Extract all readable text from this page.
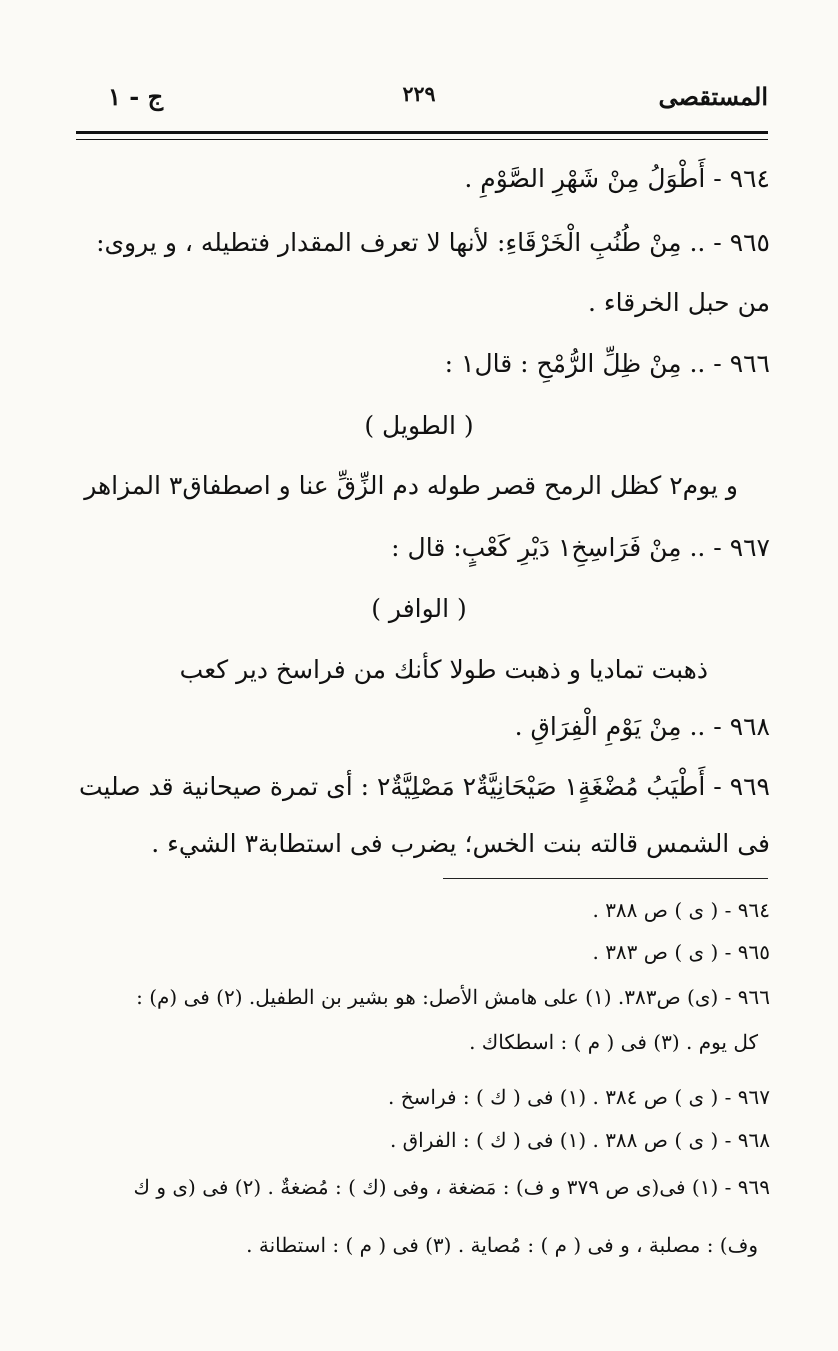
المستقصى
٢٢٩
ج - ١
٩٦٤ - أَطْوَلُ مِنْ شَهْرِ الصَّوْمِ .
٩٦٥ - .. مِنْ طُنُبِ الْخَرْقَاءِ: لأنها لا تعرف المقدار فتطيله ، و يروى:
من حبل الخرقاء .
٩٦٦ - .. مِنْ ظِلِّ الرُّمْحِ : قال١ :
( الطويل )
و يوم٢ كظل الرمح قصر طوله دم الزِّقِّ عنا و اصطفاق٣ المزاهر
٩٦٧ - .. مِنْ فَرَاسِخِ١ دَيْرِ كَعْبٍ: قال :
( الوافر )
ذهبت تماديا و ذهبت طولا كأنك من فراسخ دير كعب
٩٦٨ - .. مِنْ يَوْمِ الْفِرَاقِ .
٩٦٩ - أَطْيَبُ مُضْغَةٍ١ صَيْحَانِيَّةٌ٢ مَصْلِيَّةٌ٢ : أى تمرة صيحانية قد صليت
فى الشمس قالته بنت الخس؛ يضرب فى استطابة٣ الشيء .
٩٦٤ - ( ى ) ص ٣٨٨ .
٩٦٥ - ( ى ) ص ٣٨٣ .
٩٦٦ - (ى) ص٣٨٣. (١) على هامش الأصل: هو بشير بن الطفيل. (٢) فى (م) :
كل يوم . (٣) فى ( م ) : اسطكاك .
٩٦٧ - ( ى ) ص ٣٨٤ . (١) فى ( ك ) : فراسخ .
٩٦٨ - ( ى ) ص ٣٨٨ . (١) فى ( ك ) : الفراق .
٩٦٩ - (١) فى(ى ص ٣٧٩ و ف) : مَضغة ، وفى (ك ) : مُضغةٌ . (٢) فى (ى و ك
وف) : مصلبة ، و فى ( م ) : مُصاية . (٣) فى ( م ) : استطانة .
